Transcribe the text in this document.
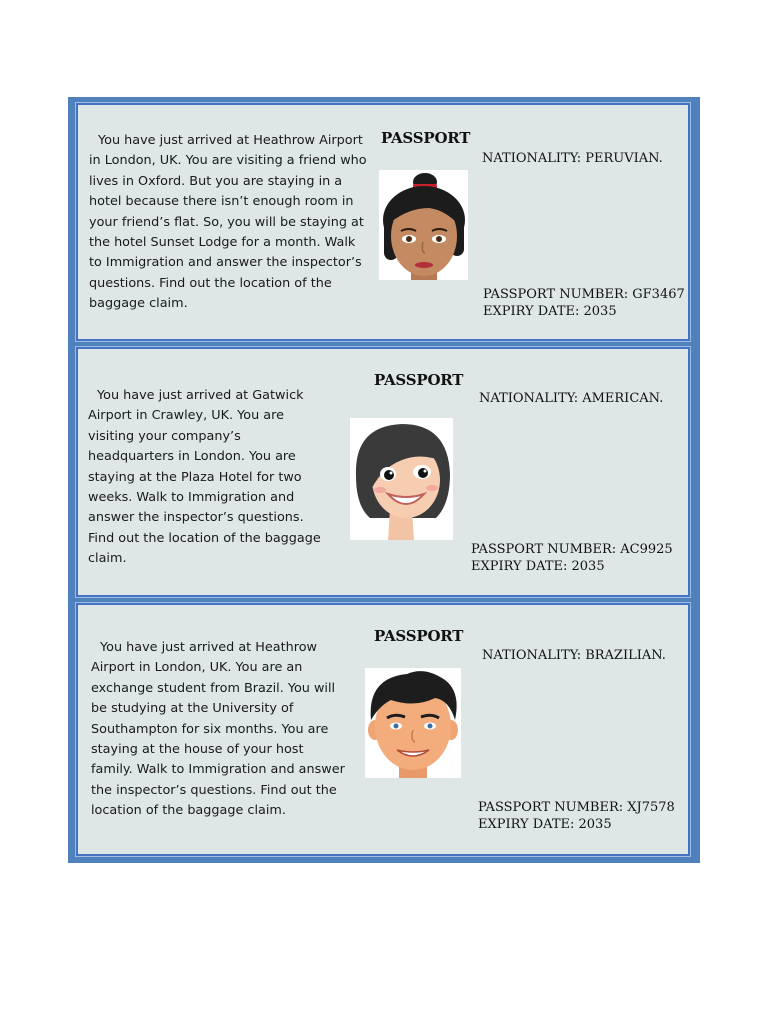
You have just arrived at Heathrow Airport in London, UK. You are visiting a friend who lives in Oxford. But you are staying in a hotel because there isn’t enough room in your friend’s flat. So, you will be staying at the hotel Sunset Lodge for a month. Walk to Immigration and answer the inspector’s questions. Find out the location of the baggage claim.
PASSPORT
NATIONALITY: PERUVIAN.
PASSPORT NUMBER: GF3467
EXPIRY DATE: 2035
You have just arrived at Gatwick Airport in Crawley, UK. You are visiting your company’s headquarters in London. You are staying at the Plaza Hotel for two weeks. Walk to Immigration and answer the inspector’s questions. Find out the location of the baggage claim.
PASSPORT
NATIONALITY: AMERICAN.
PASSPORT NUMBER: AC9925
EXPIRY DATE: 2035
You have just arrived at Heathrow Airport in London, UK. You are an exchange student from Brazil. You will be studying at the University of Southampton for six months. You are staying at the house of your host family. Walk to Immigration and answer the inspector’s questions. Find out the location of the baggage claim.
PASSPORT
NATIONALITY: BRAZILIAN.
PASSPORT NUMBER: XJ7578
EXPIRY DATE: 2035
